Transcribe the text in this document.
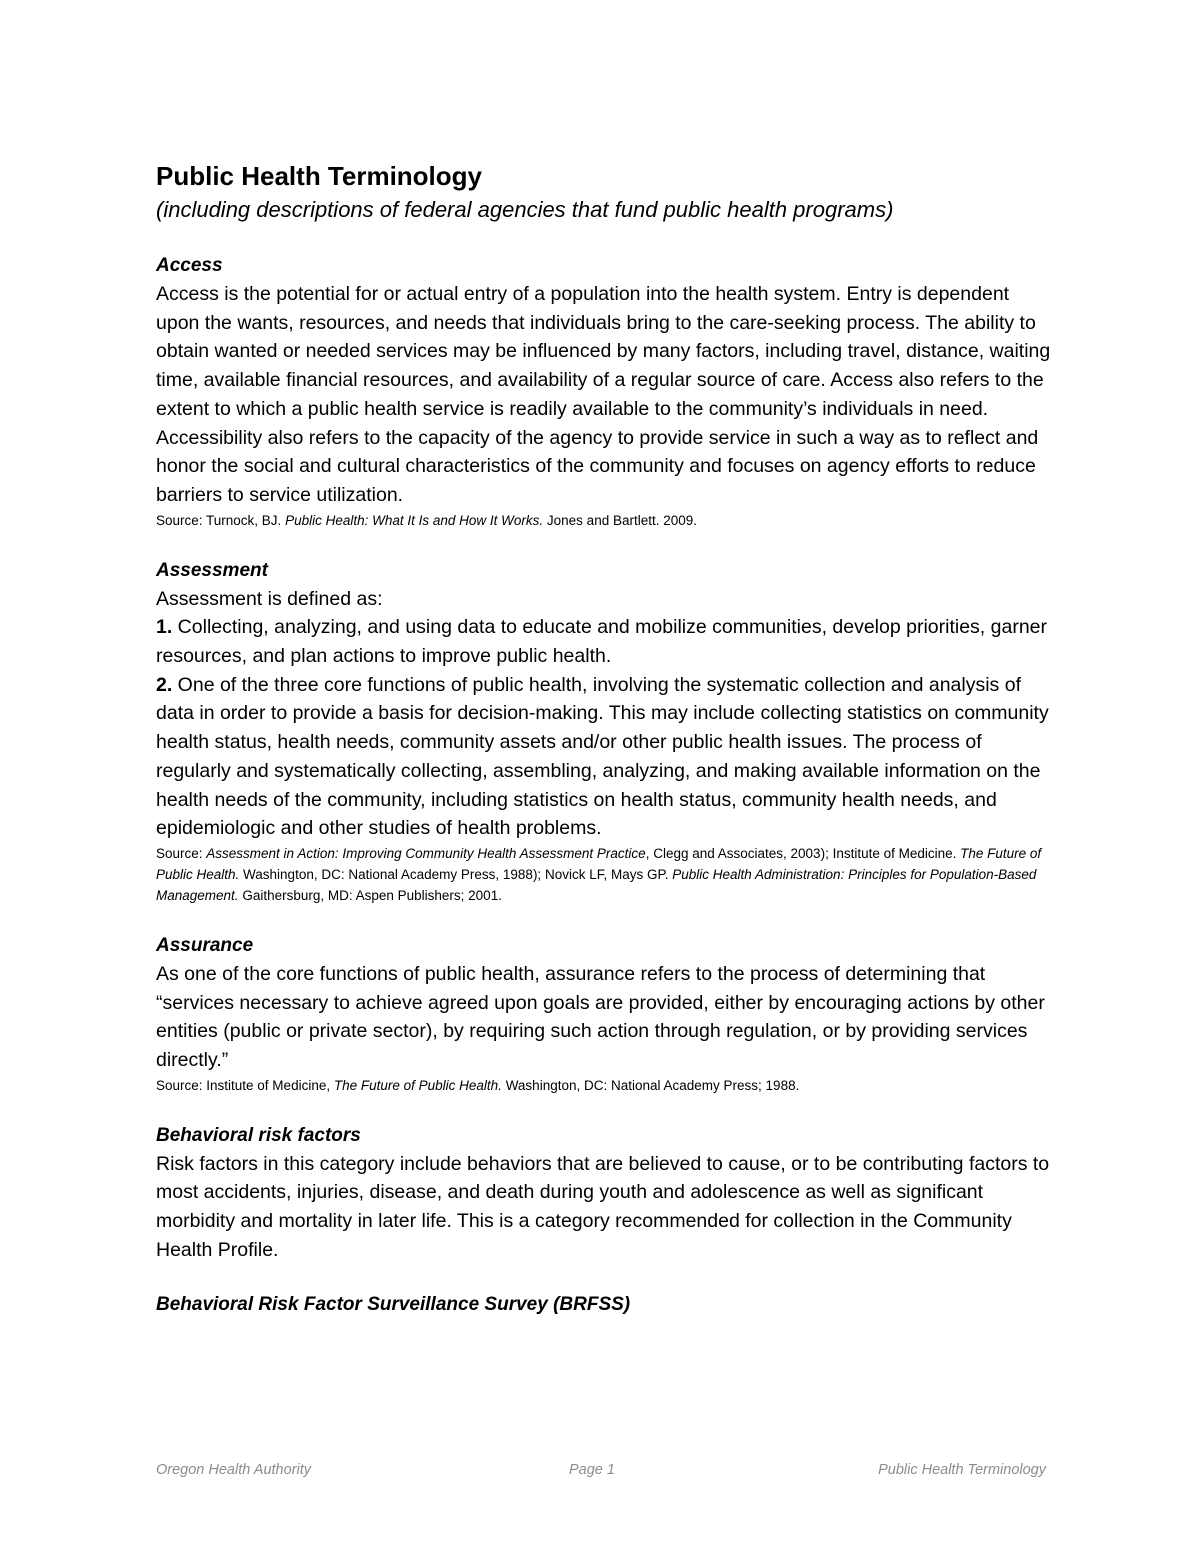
Public Health Terminology

(including descriptions of federal agencies that fund public health programs)

Access

Access is the potential for or actual entry of a population into the health system. Entry is dependent upon the wants, resources, and needs that individuals bring to the care-seeking process. The ability to obtain wanted or needed services may be influenced by many factors, including travel, distance, waiting time, available financial resources, and availability of a regular source of care. Access also refers to the extent to which a public health service is readily available to the community’s individuals in need. Accessibility also refers to the capacity of the agency to provide service in such a way as to reflect and honor the social and cultural characteristics of the community and focuses on agency efforts to reduce barriers to service utilization.

Source: Turnock, BJ. Public Health: What It Is and How It Works. Jones and Bartlett. 2009.

Assessment

Assessment is defined as:

1. Collecting, analyzing, and using data to educate and mobilize communities, develop priorities, garner resources, and plan actions to improve public health.

2. One of the three core functions of public health, involving the systematic collection and analysis of data in order to provide a basis for decision-making. This may include collecting statistics on community health status, health needs, community assets and/or other public health issues. The process of regularly and systematically collecting, assembling, analyzing, and making available information on the health needs of the community, including statistics on health status, community health needs, and epidemiologic and other studies of health problems.

Source: Assessment in Action: Improving Community Health Assessment Practice, Clegg and Associates, 2003); Institute of Medicine. The Future of Public Health. Washington, DC: National Academy Press, 1988); Novick LF, Mays GP. Public Health Administration: Principles for Population-Based Management. Gaithersburg, MD: Aspen Publishers; 2001.

Assurance

As one of the core functions of public health, assurance refers to the process of determining that “services necessary to achieve agreed upon goals are provided, either by encouraging actions by other entities (public or private sector), by requiring such action through regulation, or by providing services directly.”

Source: Institute of Medicine, The Future of Public Health. Washington, DC: National Academy Press; 1988.

Behavioral risk factors

Risk factors in this category include behaviors that are believed to cause, or to be contributing factors to most accidents, injuries, disease, and death during youth and adolescence as well as significant morbidity and mortality in later life. This is a category recommended for collection in the Community Health Profile.

Behavioral Risk Factor Surveillance Survey (BRFSS)

Oregon Health Authority	Page 1	Public Health Terminology
